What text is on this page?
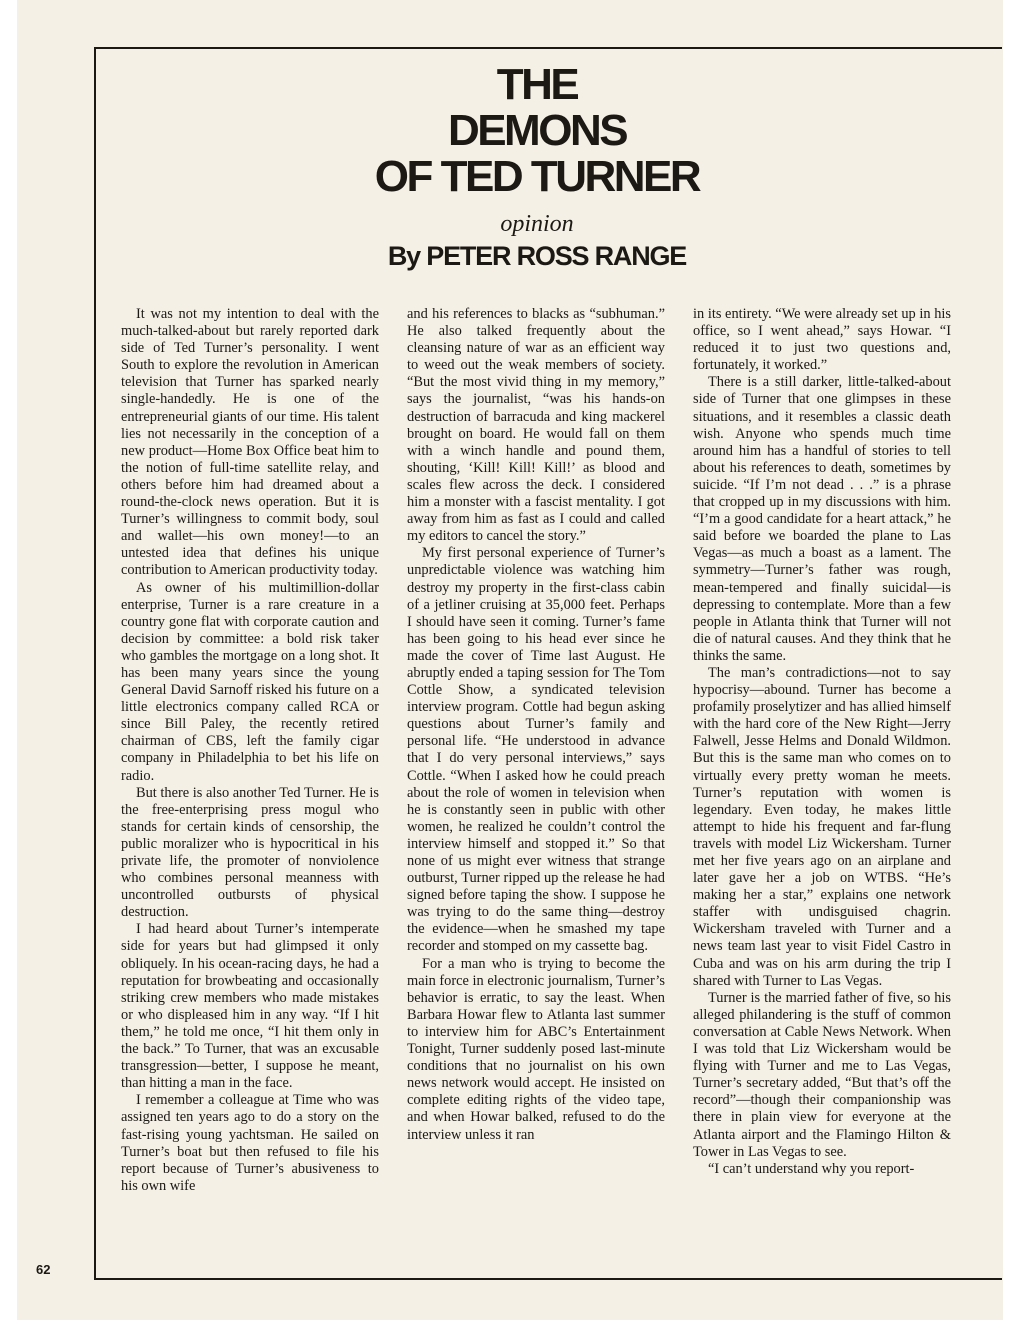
THE
DEMONS
OF TED TURNER
opinion
By PETER ROSS RANGE

It was not my intention to deal with the much-talked-about but rarely reported dark side of Ted Turner’s personality. I went South to explore the revolution in American television that Turner has sparked nearly single-handedly. He is one of the entrepreneurial giants of our time. His talent lies not necessarily in the conception of a new product—Home Box Office beat him to the notion of full-time satellite relay, and others before him had dreamed about a round-the-clock news operation. But it is Turner’s willingness to commit body, soul and wallet—his own money!—to an untested idea that defines his unique contribution to American productivity today.

As owner of his multimillion-dollar enterprise, Turner is a rare creature in a country gone flat with corporate caution and decision by committee: a bold risk taker who gambles the mortgage on a long shot. It has been many years since the young General David Sarnoff risked his future on a little electronics company called RCA or since Bill Paley, the recently retired chairman of CBS, left the family cigar company in Philadelphia to bet his life on radio.

But there is also another Ted Turner. He is the free-enterprising press mogul who stands for certain kinds of censorship, the public moralizer who is hypocritical in his private life, the promoter of nonviolence who combines personal meanness with uncontrolled outbursts of physical destruction.

I had heard about Turner’s intemperate side for years but had glimpsed it only obliquely. In his ocean-racing days, he had a reputation for browbeating and occasionally striking crew members who made mistakes or who displeased him in any way. “If I hit them,” he told me once, “I hit them only in the back.” To Turner, that was an excusable transgression—better, I suppose he meant, than hitting a man in the face.

I remember a colleague at Time who was assigned ten years ago to do a story on the fast-rising young yachtsman. He sailed on Turner’s boat but then refused to file his report because of Turner’s abusiveness to his own wife

and his references to blacks as “subhuman.” He also talked frequently about the cleansing nature of war as an efficient way to weed out the weak members of society. “But the most vivid thing in my memory,” says the journalist, “was his hands-on destruction of barracuda and king mackerel brought on board. He would fall on them with a winch handle and pound them, shouting, ‘Kill! Kill! Kill!’ as blood and scales flew across the deck. I considered him a monster with a fascist mentality. I got away from him as fast as I could and called my editors to cancel the story.”

My first personal experience of Turner’s unpredictable violence was watching him destroy my property in the first-class cabin of a jetliner cruising at 35,000 feet. Perhaps I should have seen it coming. Turner’s fame has been going to his head ever since he made the cover of Time last August. He abruptly ended a taping session for The Tom Cottle Show, a syndicated television interview program. Cottle had begun asking questions about Turner’s family and personal life. “He understood in advance that I do very personal interviews,” says Cottle. “When I asked how he could preach about the role of women in television when he is constantly seen in public with other women, he realized he couldn’t control the interview himself and stopped it.” So that none of us might ever witness that strange outburst, Turner ripped up the release he had signed before taping the show. I suppose he was trying to do the same thing—destroy the evidence—when he smashed my tape recorder and stomped on my cassette bag.

For a man who is trying to become the main force in electronic journalism, Turner’s behavior is erratic, to say the least. When Barbara Howar flew to Atlanta last summer to interview him for ABC’s Entertainment Tonight, Turner suddenly posed last-minute conditions that no journalist on his own news network would accept. He insisted on complete editing rights of the video tape, and when Howar balked, refused to do the interview unless it ran

in its entirety. “We were already set up in his office, so I went ahead,” says Howar. “I reduced it to just two questions and, fortunately, it worked.”

There is a still darker, little-talked-about side of Turner that one glimpses in these situations, and it resembles a classic death wish. Anyone who spends much time around him has a handful of stories to tell about his references to death, sometimes by suicide. “If I’m not dead . . .” is a phrase that cropped up in my discussions with him. “I’m a good candidate for a heart attack,” he said before we boarded the plane to Las Vegas—as much a boast as a lament. The symmetry—Turner’s father was rough, mean-tempered and finally suicidal—is depressing to contemplate. More than a few people in Atlanta think that Turner will not die of natural causes. And they think that he thinks the same.

The man’s contradictions—not to say hypocrisy—abound. Turner has become a profamily proselytizer and has allied himself with the hard core of the New Right—Jerry Falwell, Jesse Helms and Donald Wildmon. But this is the same man who comes on to virtually every pretty woman he meets. Turner’s reputation with women is legendary. Even today, he makes little attempt to hide his frequent and far-flung travels with model Liz Wickersham. Turner met her five years ago on an airplane and later gave her a job on WTBS. “He’s making her a star,” explains one network staffer with undisguised chagrin. Wickersham traveled with Turner and a news team last year to visit Fidel Castro in Cuba and was on his arm during the trip I shared with Turner to Las Vegas.

Turner is the married father of five, so his alleged philandering is the stuff of common conversation at Cable News Network. When I was told that Liz Wickersham would be flying with Turner and me to Las Vegas, Turner’s secretary added, “But that’s off the record”—though their companionship was there in plain view for everyone at the Atlanta airport and the Flamingo Hilton & Tower in Las Vegas to see.

“I can’t understand why you report-

62
